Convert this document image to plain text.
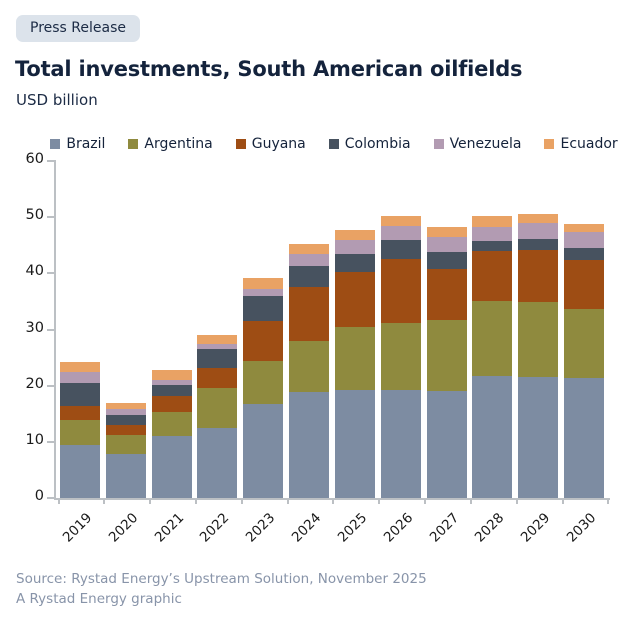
Press Release
Total investments, South American oilfields
USD billion
Brazil	Argentina	Guyana	Colombia	Venezuela	Ecuador
0
10
20
30
40
50
60
2019 2020 2021 2022 2023 2024 2025 2026 2027 2028 2029 2030
Source: Rystad Energy’s Upstream Solution, November 2025
A Rystad Energy graphic
